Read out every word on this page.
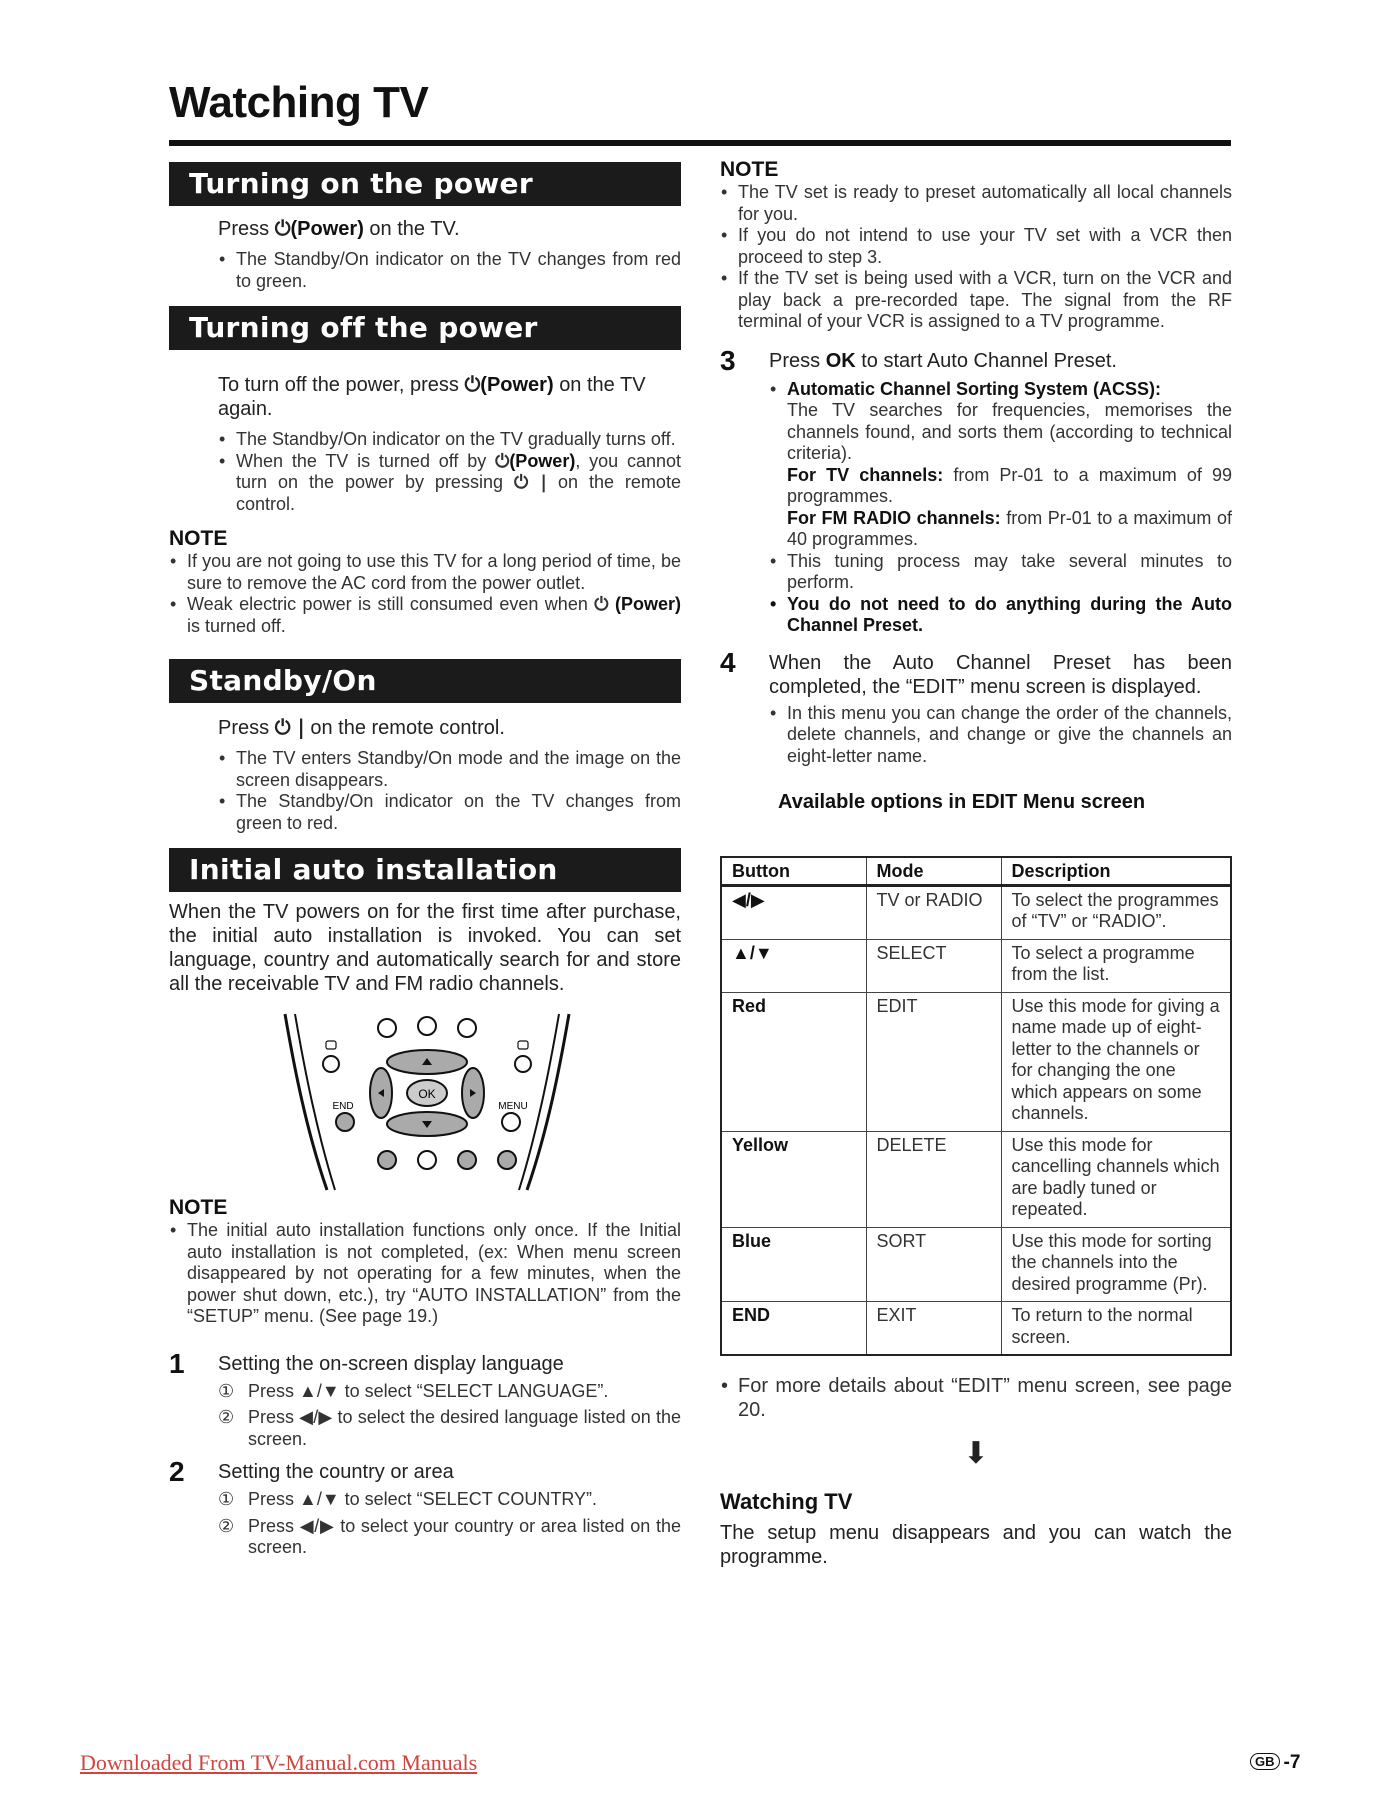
Watching TV
Turning on the power
Press ⏻(Power) on the TV.
• The Standby/On indicator on the TV changes from red to green.
Turning off the power
To turn off the power, press ⏻(Power) on the TV again.
• The Standby/On indicator on the TV gradually turns off.
• When the TV is turned off by ⏻(Power), you cannot turn on the power by pressing ⏻ | on the remote control.
NOTE
• If you are not going to use this TV for a long period of time, be sure to remove the AC cord from the power outlet.
• Weak electric power is still consumed even when ⏻ (Power) is turned off.
Standby/On
Press ⏻ | on the remote control.
• The TV enters Standby/On mode and the image on the screen disappears.
• The Standby/On indicator on the TV changes from green to red.
Initial auto installation
When the TV powers on for the first time after purchase, the initial auto installation is invoked. You can set language, country and automatically search for and store all the receivable TV and FM radio channels.
OK
END	MENU
NOTE
• The initial auto installation functions only once. If the Initial auto installation is not completed, (ex: When menu screen disappeared by not operating for a few minutes, when the power shut down, etc.), try “AUTO INSTALLATION” from the “SETUP” menu. (See page 19.)
1 Setting the on-screen display language
① Press ▲/▼ to select “SELECT LANGUAGE”.
② Press ◀/▶ to select the desired language listed on the screen.
2 Setting the country or area
① Press ▲/▼ to select “SELECT COUNTRY”.
② Press ◀/▶ to select your country or area listed on the screen.
NOTE
• The TV set is ready to preset automatically all local channels for you.
• If you do not intend to use your TV set with a VCR then proceed to step 3.
• If the TV set is being used with a VCR, turn on the VCR and play back a pre-recorded tape. The signal from the RF terminal of your VCR is assigned to a TV programme.
3 Press OK to start Auto Channel Preset.
• Automatic Channel Sorting System (ACSS):
The TV searches for frequencies, memorises the channels found, and sorts them (according to technical criteria).
For TV channels: from Pr-01 to a maximum of 99 programmes.
For FM RADIO channels: from Pr-01 to a maximum of 40 programmes.
• This tuning process may take several minutes to perform.
• You do not need to do anything during the Auto Channel Preset.
4 When the Auto Channel Preset has been completed, the “EDIT” menu screen is displayed.
• In this menu you can change the order of the channels, delete channels, and change or give the channels an eight-letter name.
Available options in EDIT Menu screen
Button	Mode	Description
◀/▶	TV or RADIO	To select the programmes of “TV” or “RADIO”.
▲/▼	SELECT	To select a programme from the list.
Red	EDIT	Use this mode for giving a name made up of eight-letter to the channels or for changing the one which appears on some channels.
Yellow	DELETE	Use this mode for cancelling channels which are badly tuned or repeated.
Blue	SORT	Use this mode for sorting the channels into the desired programme (Pr).
END	EXIT	To return to the normal screen.
• For more details about “EDIT” menu screen, see page 20.
⬇
Watching TV
The setup menu disappears and you can watch the programme.
Downloaded From TV-Manual.com Manuals	GB -7
